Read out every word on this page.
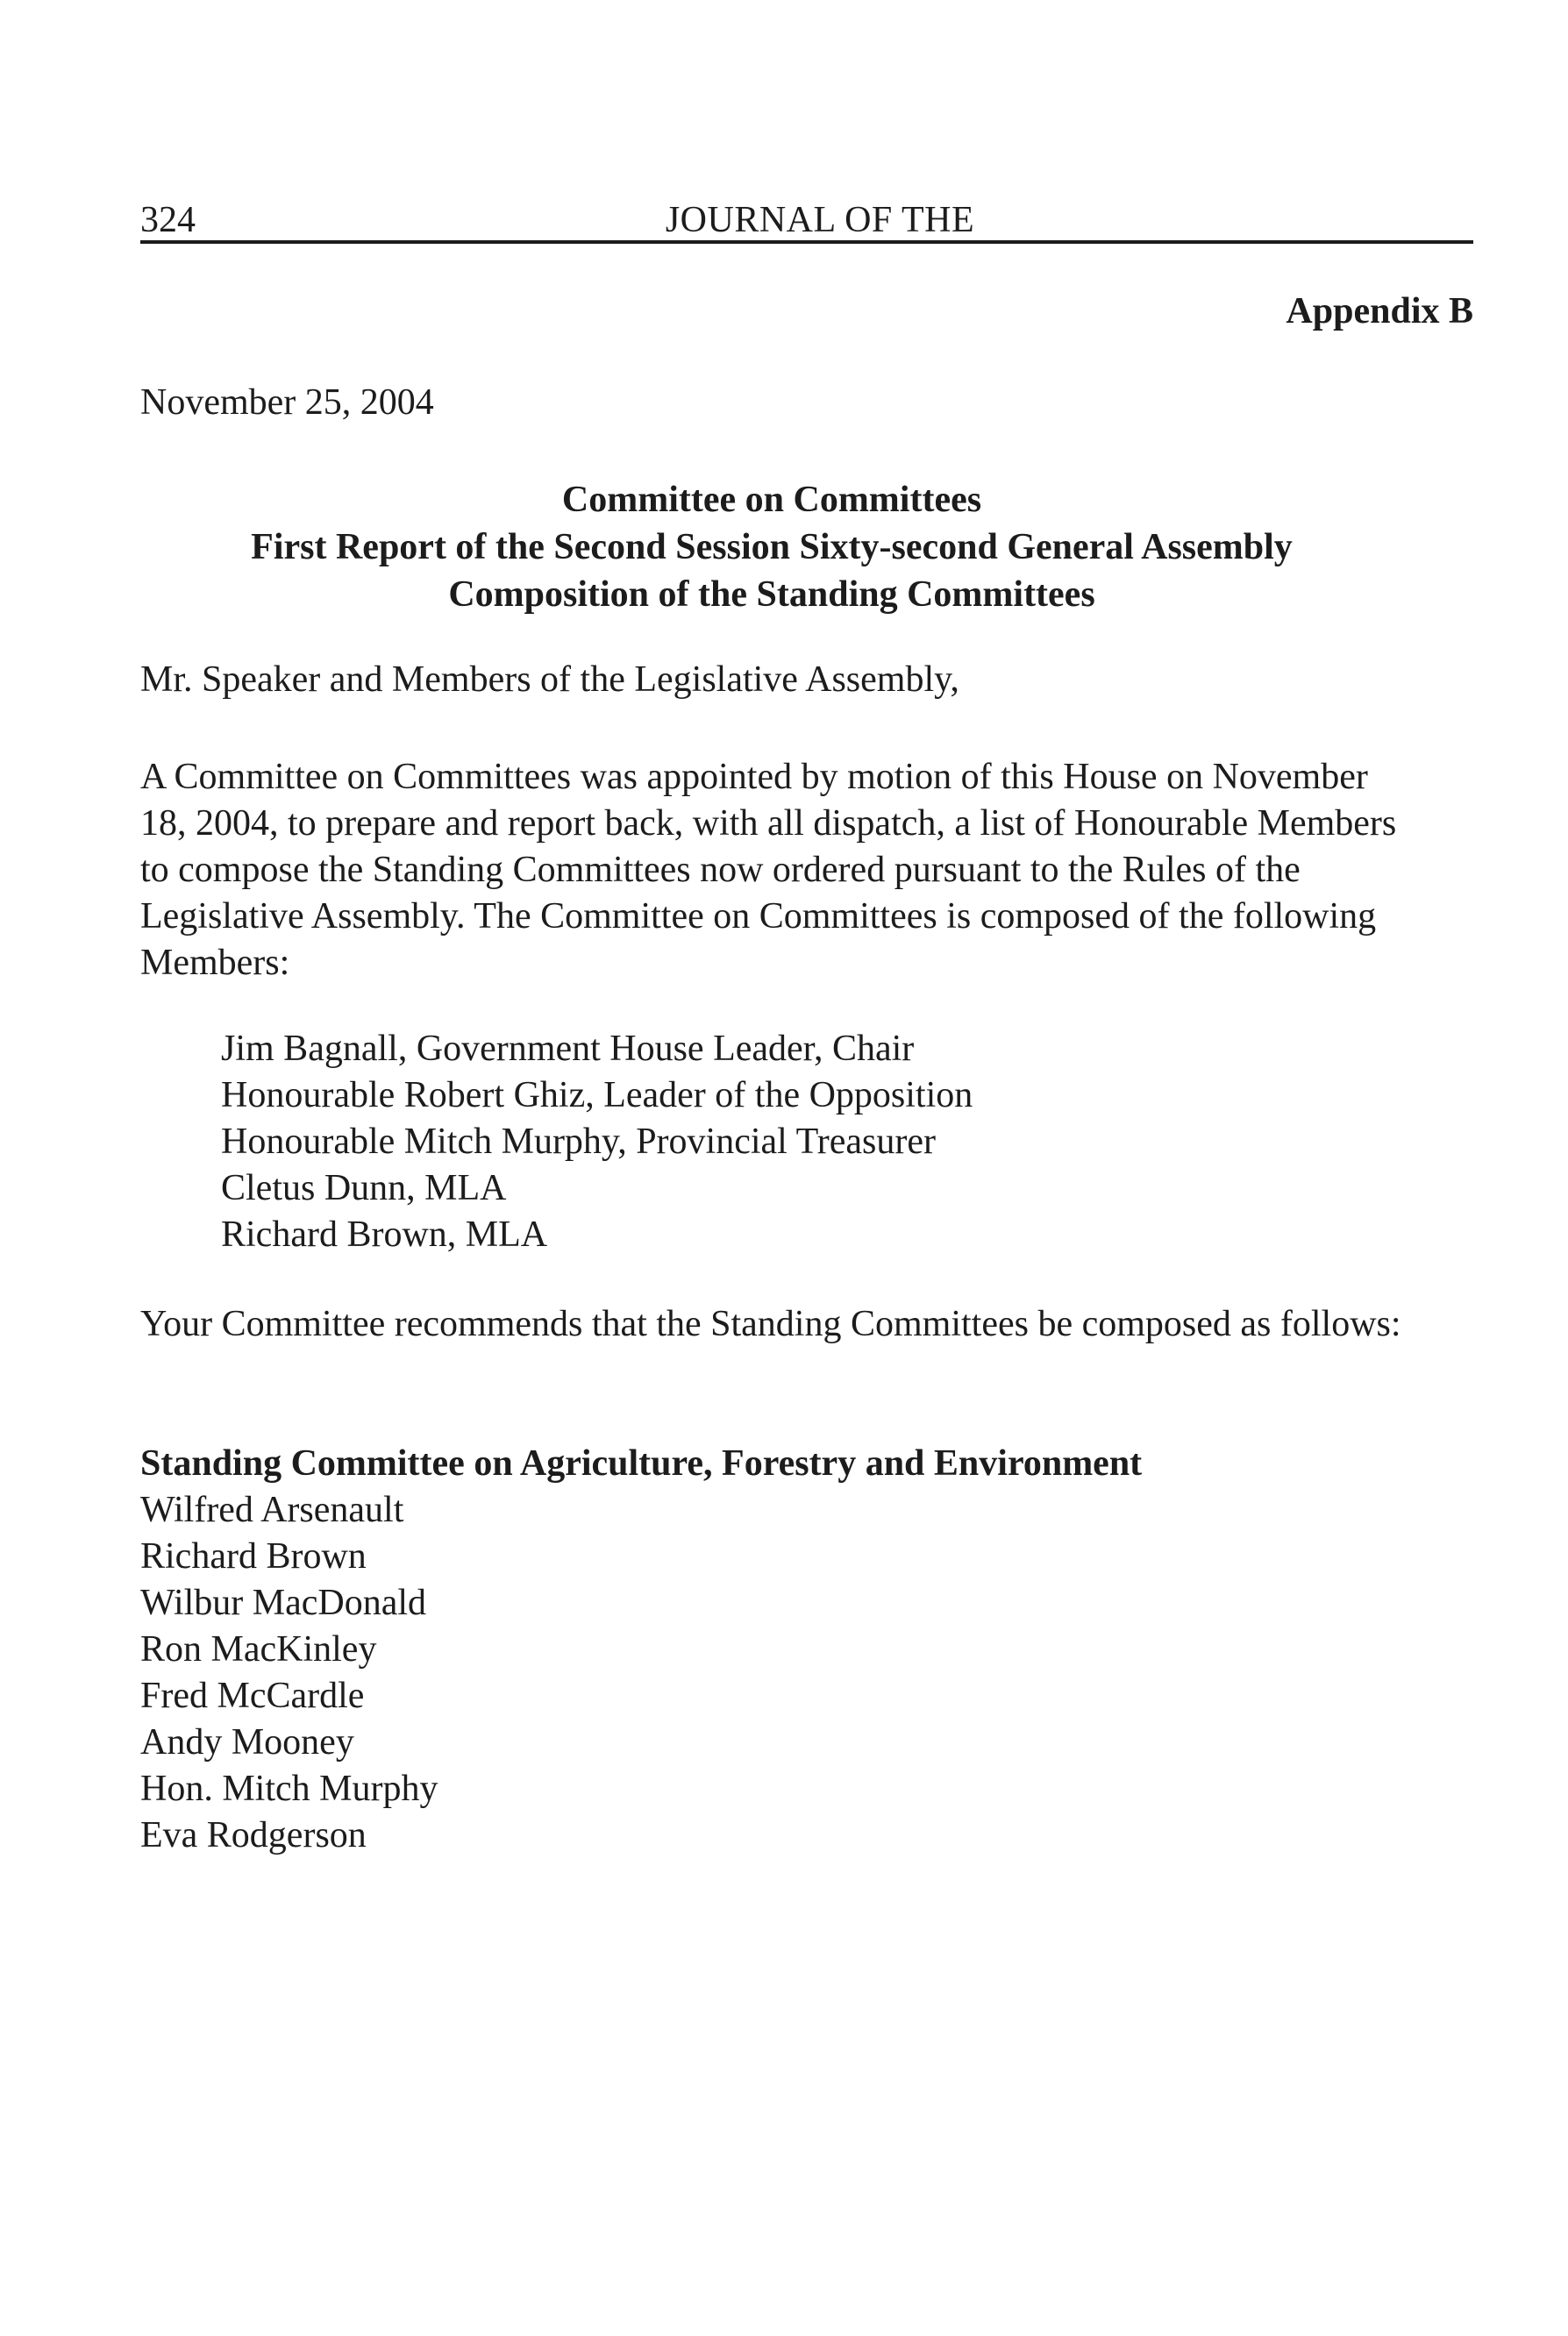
324	JOURNAL OF THE
Appendix B
November 25, 2004
Committee on Committees
First Report of the Second Session Sixty-second General Assembly
Composition of the Standing Committees
Mr. Speaker and Members of the Legislative Assembly,

A Committee on Committees was appointed by motion of this House on November 18, 2004, to prepare and report back, with all dispatch, a list of Honourable Members to compose the Standing Committees now ordered pursuant to the Rules of the Legislative Assembly. The Committee on Committees is composed of the following Members:

Jim Bagnall, Government House Leader, Chair
Honourable Robert Ghiz, Leader of the Opposition
Honourable Mitch Murphy, Provincial Treasurer
Cletus Dunn, MLA
Richard Brown, MLA

Your Committee recommends that the Standing Committees be composed as follows:

Standing Committee on Agriculture, Forestry and Environment
Wilfred Arsenault
Richard Brown
Wilbur MacDonald
Ron MacKinley
Fred McCardle
Andy Mooney
Hon. Mitch Murphy
Eva Rodgerson
